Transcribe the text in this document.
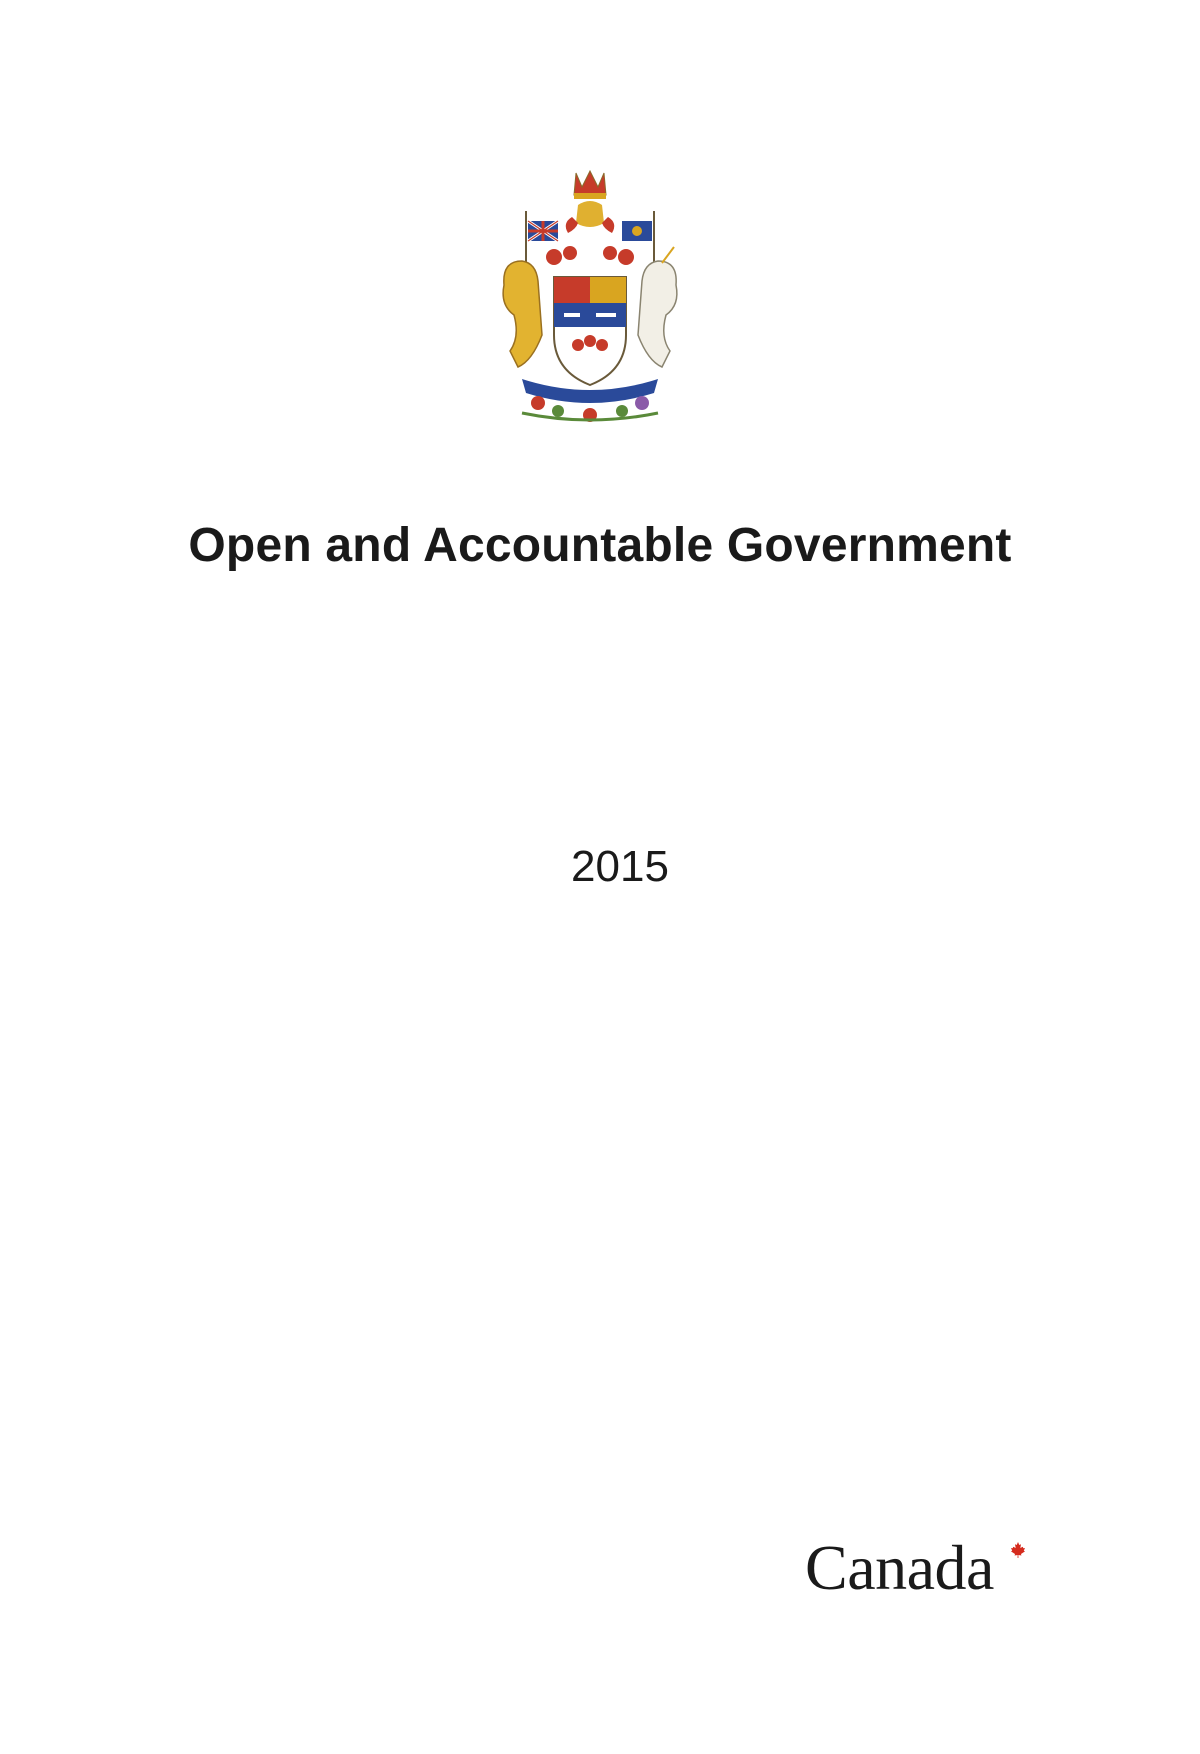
Open and Accountable Government

2015

Canada
